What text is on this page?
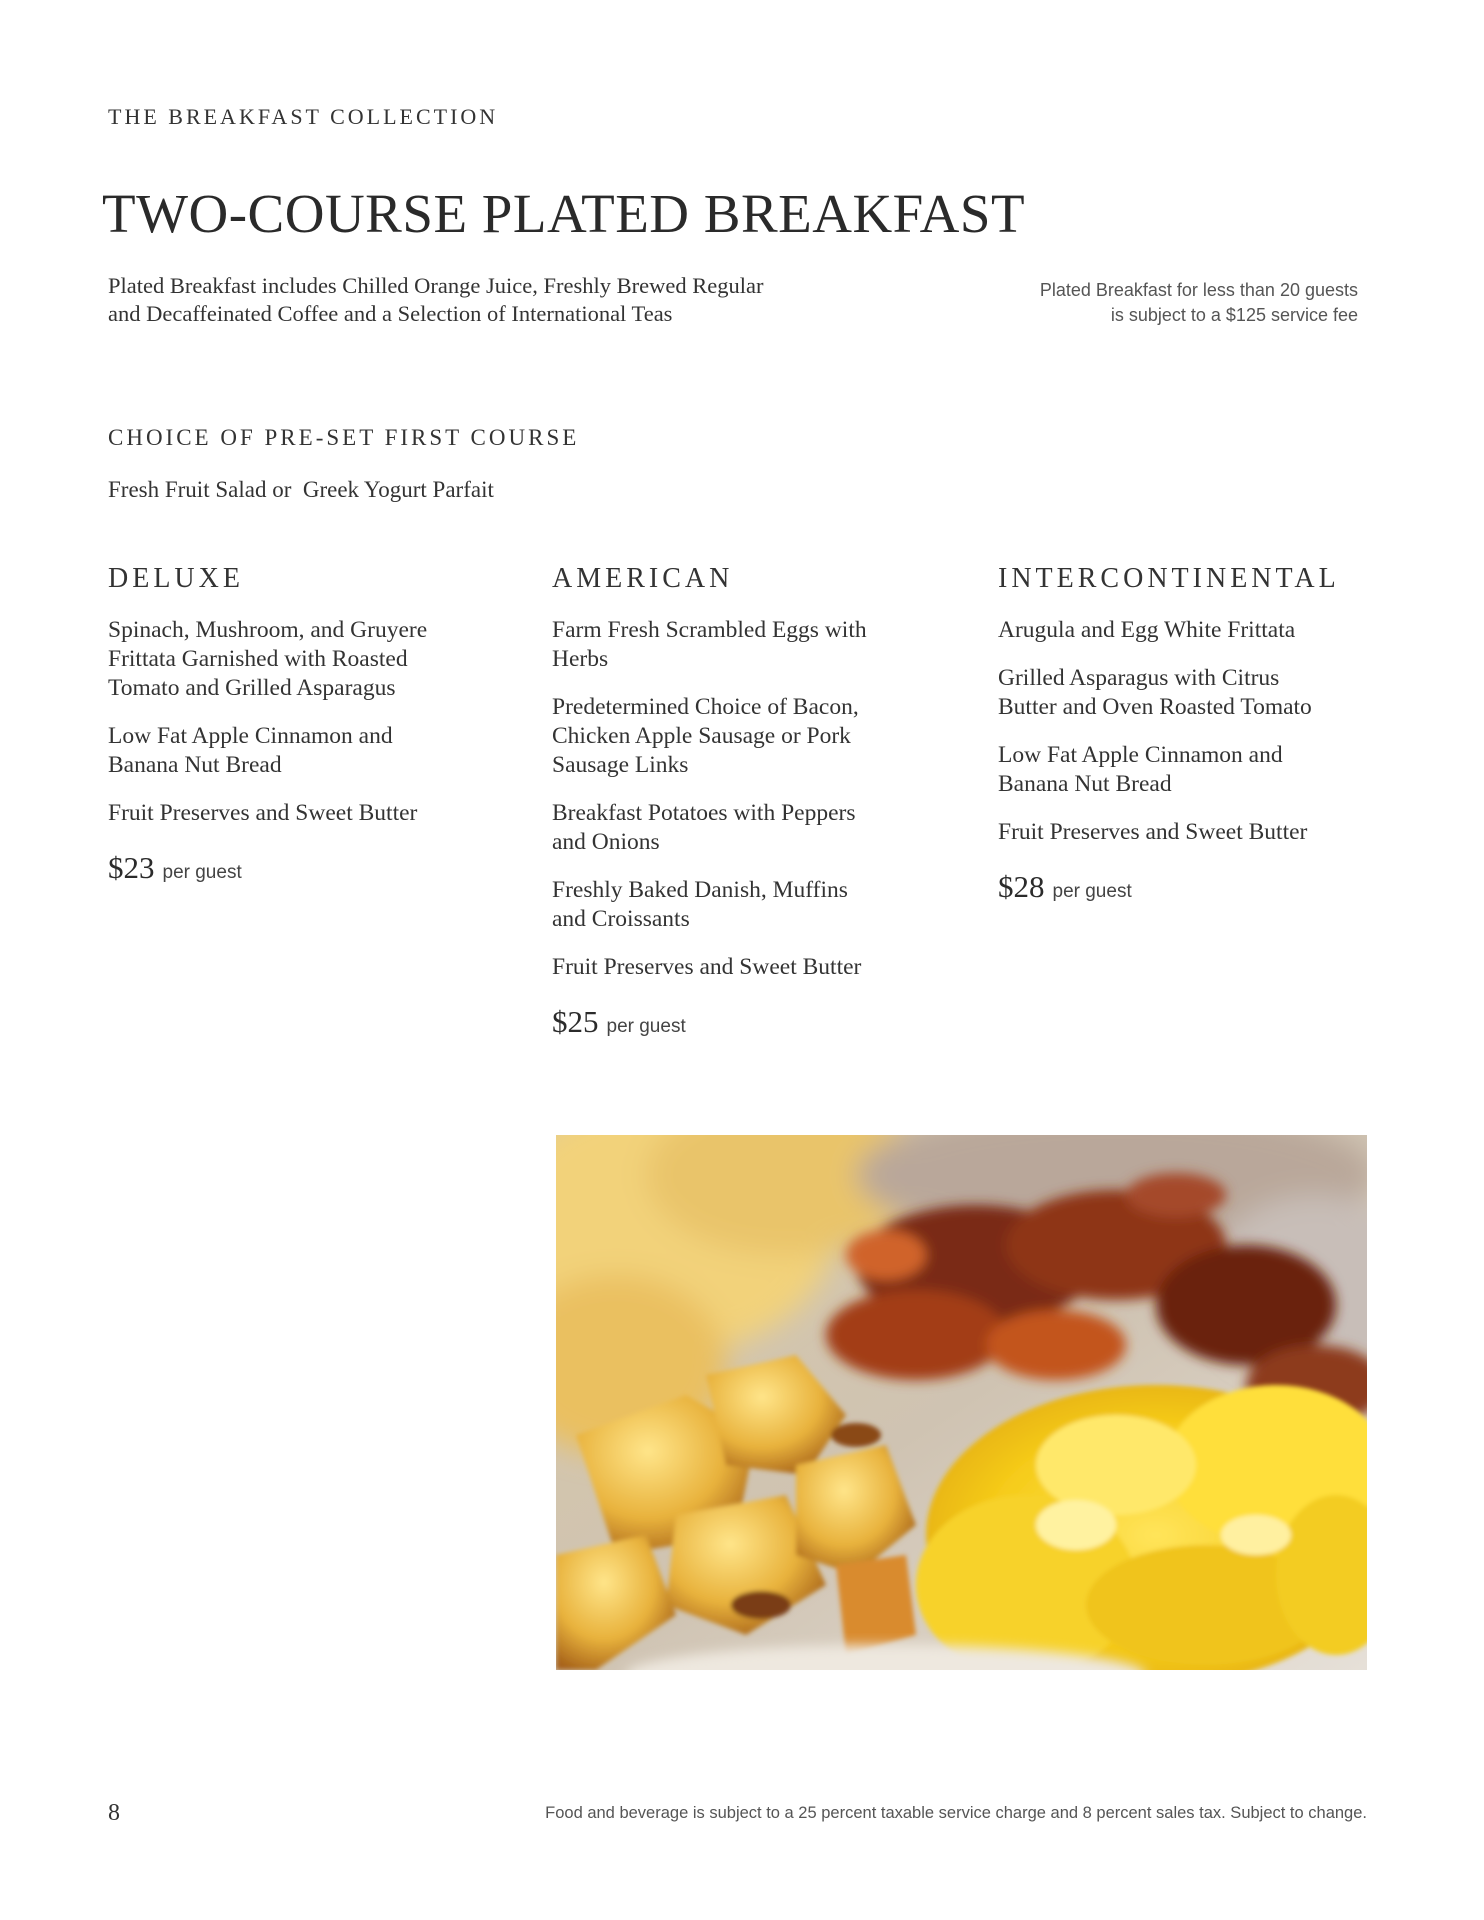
THE BREAKFAST COLLECTION
TWO-COURSE PLATED BREAKFAST
Plated Breakfast includes Chilled Orange Juice, Freshly Brewed Regular
and Decaffeinated Coffee and a Selection of International Teas
Plated Breakfast for less than 20 guests
is subject to a $125 service fee
CHOICE OF PRE-SET FIRST COURSE
Fresh Fruit Salad or  Greek Yogurt Parfait
DELUXE
Spinach, Mushroom, and Gruyere
Frittata Garnished with Roasted
Tomato and Grilled Asparagus
Low Fat Apple Cinnamon and
Banana Nut Bread
Fruit Preserves and Sweet Butter
$23 per guest
AMERICAN
Farm Fresh Scrambled Eggs with
Herbs
Predetermined Choice of Bacon,
Chicken Apple Sausage or Pork
Sausage Links
Breakfast Potatoes with Peppers
and Onions
Freshly Baked Danish, Muffins
and Croissants
Fruit Preserves and Sweet Butter
$25 per guest
INTERCONTINENTAL
Arugula and Egg White Frittata
Grilled Asparagus with Citrus
Butter and Oven Roasted Tomato
Low Fat Apple Cinnamon and
Banana Nut Bread
Fruit Preserves and Sweet Butter
$28 per guest
8	Food and beverage is subject to a 25 percent taxable service charge and 8 percent sales tax. Subject to change.
